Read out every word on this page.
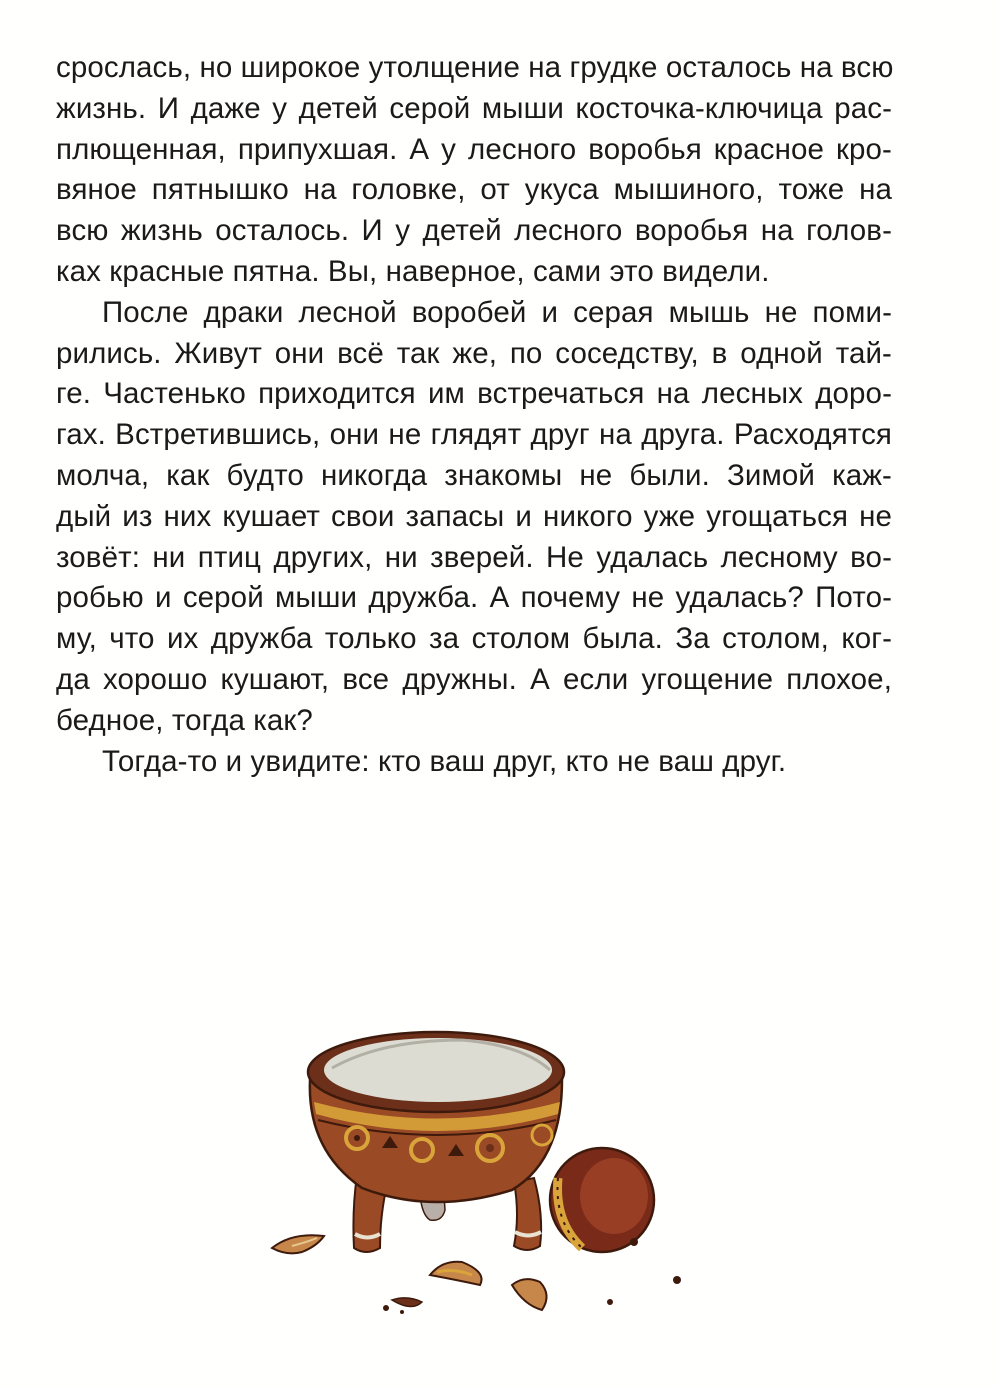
срослась, но широкое утолщение на грудке осталось на всю
жизнь. И даже у детей серой мыши косточка-ключица рас-
плющенная, припухшая. А у лесного воробья красное кро-
вяное пятнышко на головке, от укуса мышиного, тоже на
всю жизнь осталось. И у детей лесного воробья на голов-
ках красные пятна. Вы, наверное, сами это видели.
После драки лесной воробей и серая мышь не поми-
рились. Живут они всё так же, по соседству, в одной тай-
ге. Частенько приходится им встречаться на лесных доро-
гах. Встретившись, они не глядят друг на друга. Расходятся
молча, как будто никогда знакомы не были. Зимой каж-
дый из них кушает свои запасы и никого уже угощаться не
зовёт: ни птиц других, ни зверей. Не удалась лесному во-
робью и серой мыши дружба. А почему не удалась? Пото-
му, что их дружба только за столом была. За столом, ког-
да хорошо кушают, все дружны. А если угощение плохое,
бедное, тогда как?
Тогда-то и увидите: кто ваш друг, кто не ваш друг.
